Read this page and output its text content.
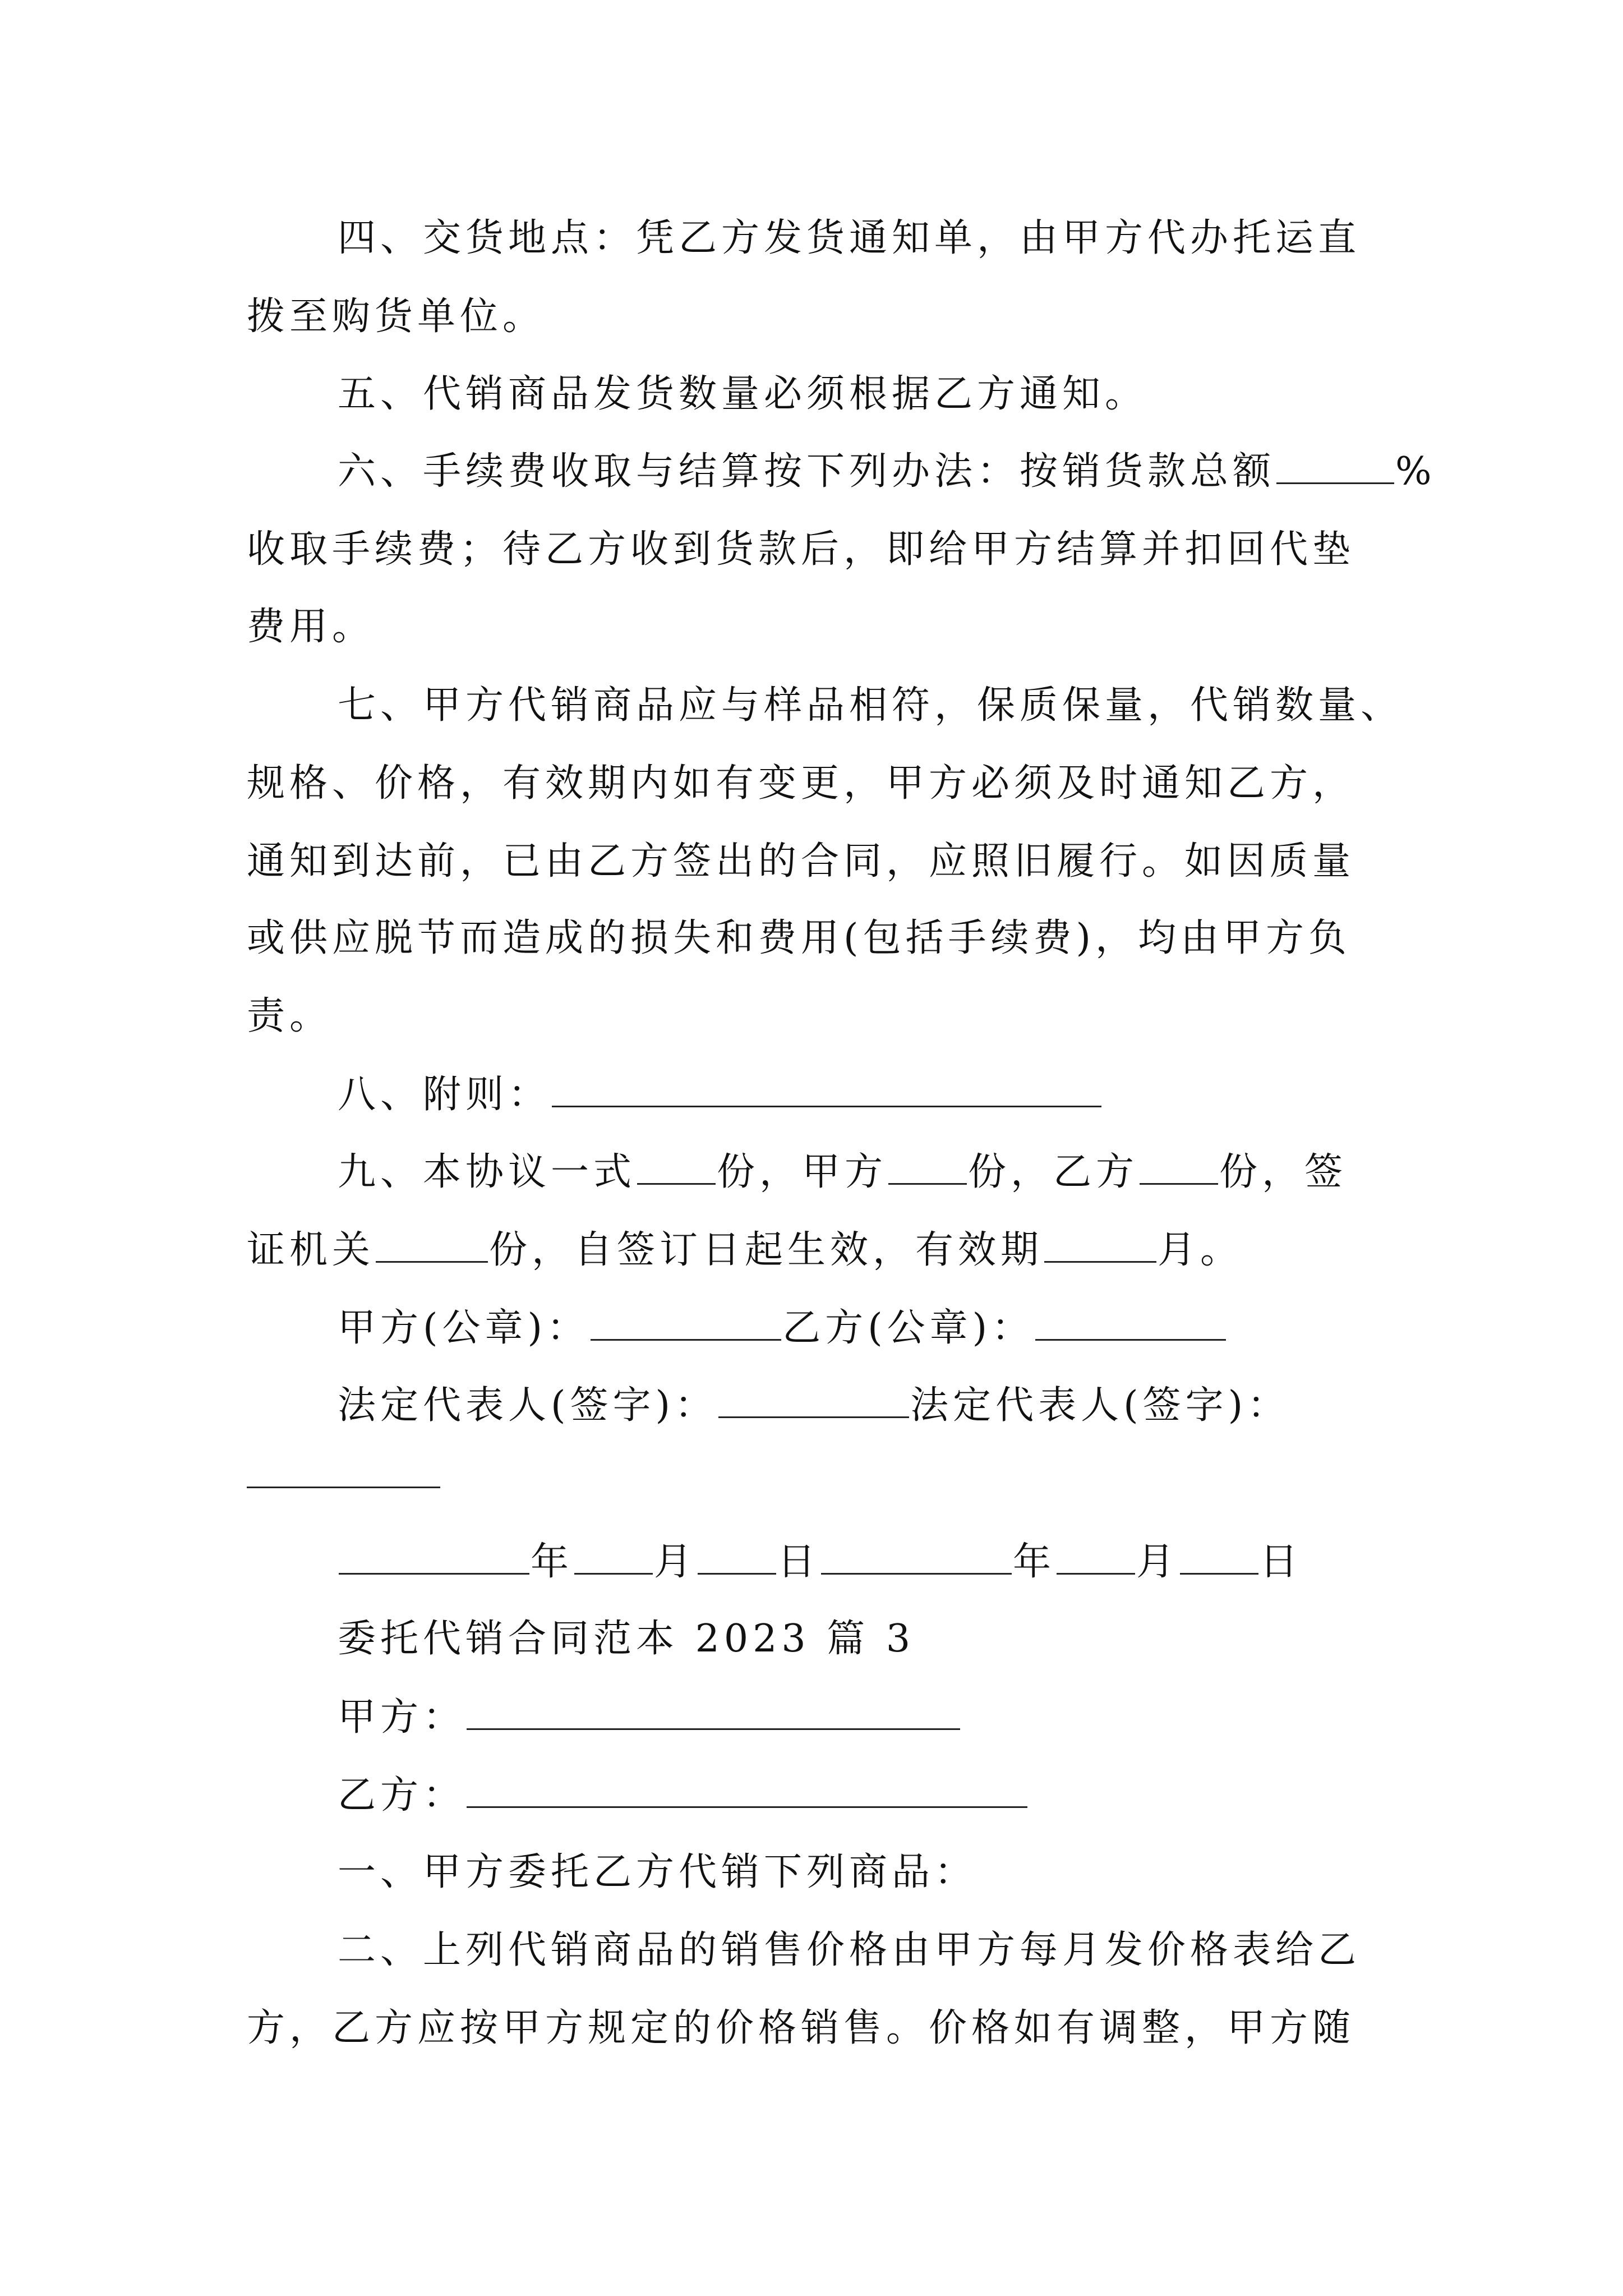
四、交货地点：凭乙方发货通知单，由甲方代办托运直
拨至购货单位。
五、代销商品发货数量必须根据乙方通知。
六、手续费收取与结算按下列办法：按销货款总额	%
收取手续费；待乙方收到货款后，即给甲方结算并扣回代垫
费用。
七、甲方代销商品应与样品相符，保质保量，代销数量、
规格、价格，有效期内如有变更，甲方必须及时通知乙方，
通知到达前，已由乙方签出的合同，应照旧履行。如因质量
或供应脱节而造成的损失和费用(包括手续费)，均由甲方负
责。
八、附则：
九、本协议一式 份，甲方 份，乙方 份，签
证机关	份，自签订日起生效，有效期	月。
甲方(公章)：	乙方(公章)：
法定代表人(签字)：	法定代表人(签字)：
年 月 日	年 月 日
委托代销合同范本 2023 篇 3
甲方：
乙方：
一、甲方委托乙方代销下列商品：
二、上列代销商品的销售价格由甲方每月发价格表给乙
方，乙方应按甲方规定的价格销售。价格如有调整，甲方随
